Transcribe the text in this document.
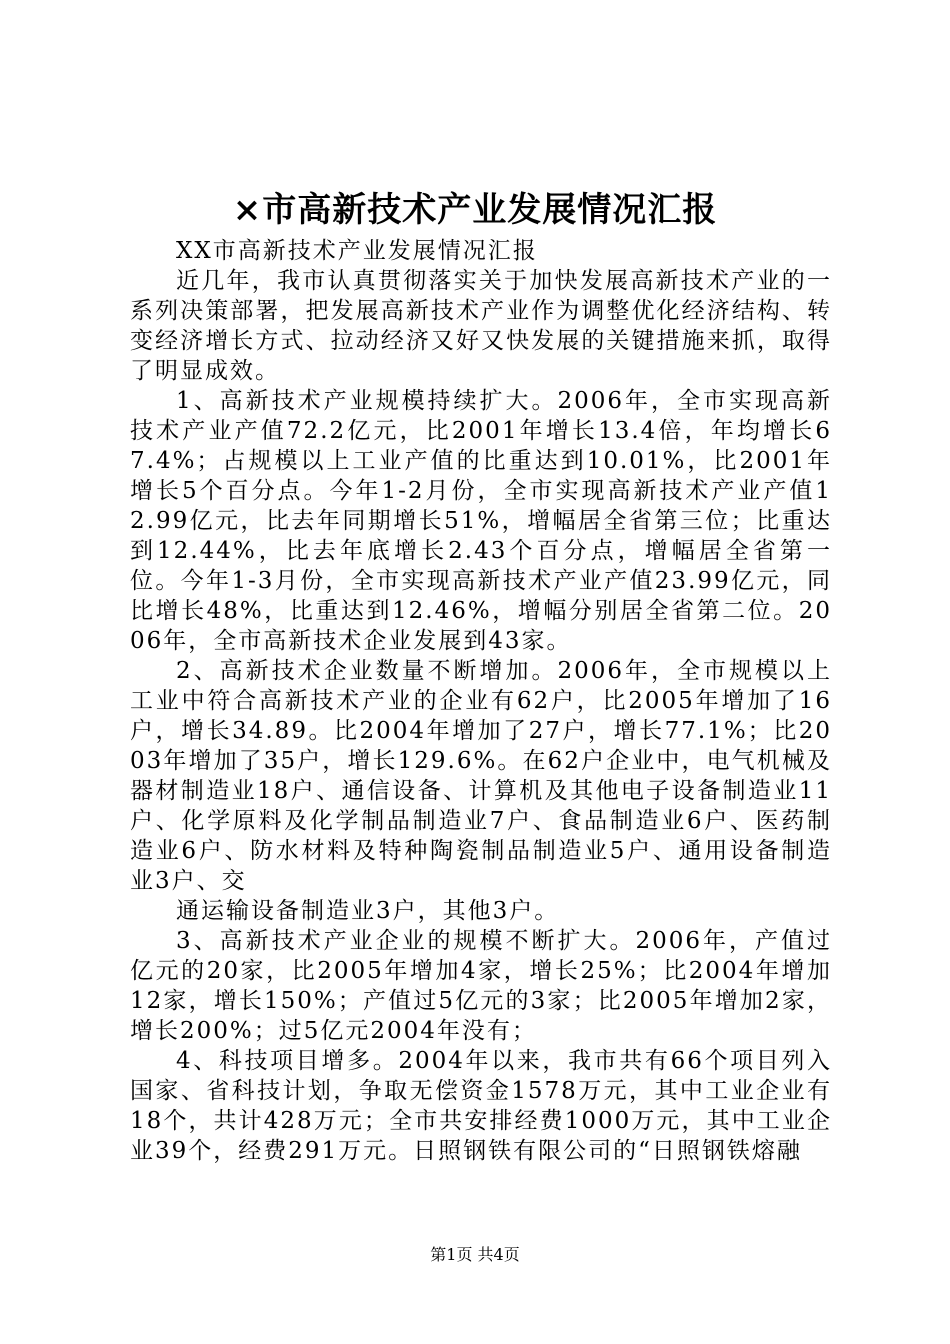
×市高新技术产业发展情况汇报

XX市高新技术产业发展情况汇报

近几年，我市认真贯彻落实关于加快发展高新技术产业的一系列决策部署，把发展高新技术产业作为调整优化经济结构、转变经济增长方式、拉动经济又好又快发展的关键措施来抓，取得了明显成效。

1、高新技术产业规模持续扩大。2006年，全市实现高新技术产业产值72.2亿元，比2001年增长13.4倍，年均增长67.4%；占规模以上工业产值的比重达到10.01%，比2001年增长5个百分点。今年1-2月份，全市实现高新技术产业产值12.99亿元，比去年同期增长51%，增幅居全省第三位；比重达到12.44%，比去年底增长2.43个百分点，增幅居全省第一位。今年1-3月份，全市实现高新技术产业产值23.99亿元，同比增长48%，比重达到12.46%，增幅分别居全省第二位。2006年，全市高新技术企业发展到43家。

2、高新技术企业数量不断增加。2006年，全市规模以上工业中符合高新技术产业的企业有62户，比2005年增加了16户，增长34.89。比2004年增加了27户，增长77.1%；比2003年增加了35户，增长129.6%。在62户企业中，电气机械及器材制造业18户、通信设备、计算机及其他电子设备制造业11户、化学原料及化学制品制造业7户、食品制造业6户、医药制造业6户、防水材料及特种陶瓷制品制造业5户、通用设备制造业3户、交

通运输设备制造业3户，其他3户。

3、高新技术产业企业的规模不断扩大。2006年，产值过亿元的20家，比2005年增加4家，增长25%；比2004年增加12家，增长150%；产值过5亿元的3家；比2005年增加2家，增长200%；过5亿元2004年没有；

4、科技项目增多。2004年以来，我市共有66个项目列入国家、省科技计划，争取无偿资金1578万元，其中工业企业有18个，共计428万元；全市共安排经费1000万元，其中工业企业39个，经费291万元。日照钢铁有限公司的“日照钢铁熔融

第1页 共4页
